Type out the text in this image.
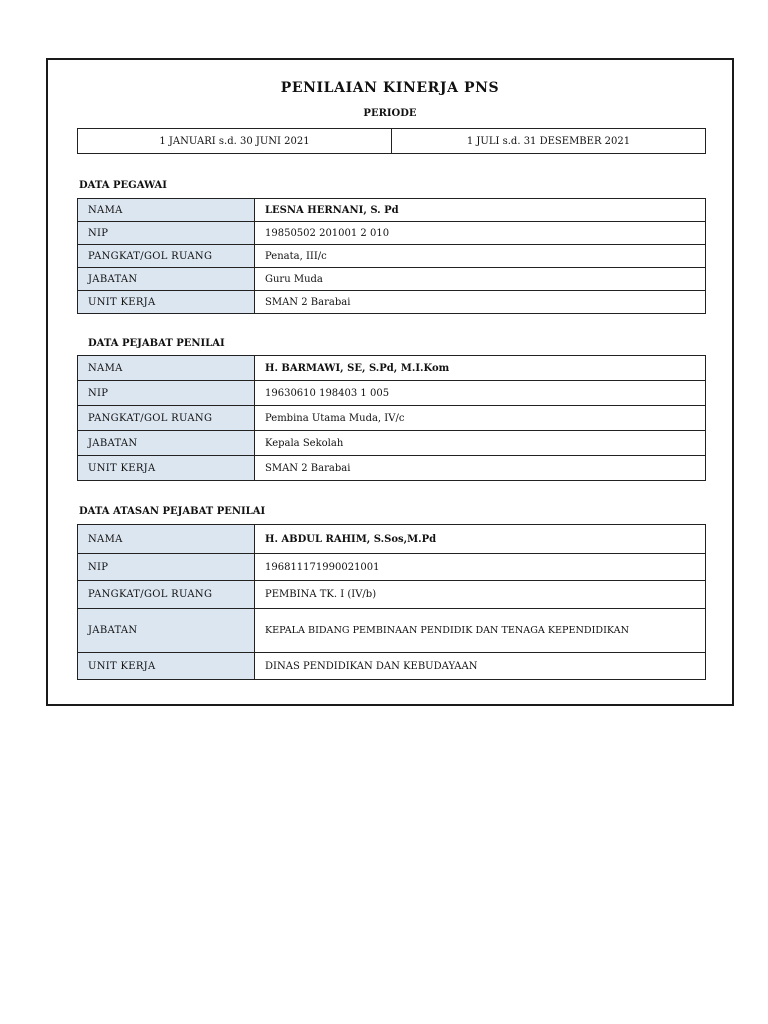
PENILAIAN KINERJA PNS
PERIODE
1 JANUARI s.d. 30 JUNI 2021	1 JULI s.d. 31 DESEMBER 2021
DATA PEGAWAI
NAMA	LESNA HERNANI, S. Pd
NIP	19850502 201001 2 010
PANGKAT/GOL RUANG	Penata, III/c
JABATAN	Guru Muda
UNIT KERJA	SMAN 2 Barabai
DATA PEJABAT PENILAI
NAMA	H. BARMAWI, SE, S.Pd, M.I.Kom
NIP	19630610 198403 1 005
PANGKAT/GOL RUANG	Pembina Utama Muda, IV/c
JABATAN	Kepala Sekolah
UNIT KERJA	SMAN 2 Barabai
DATA ATASAN PEJABAT PENILAI
NAMA	H. ABDUL RAHIM, S.Sos,M.Pd
NIP	196811171990021001
PANGKAT/GOL RUANG	PEMBINA TK. I (IV/b)
JABATAN	KEPALA BIDANG PEMBINAAN PENDIDIK DAN TENAGA KEPENDIDIKAN
UNIT KERJA	DINAS PENDIDIKAN DAN KEBUDAYAAN
